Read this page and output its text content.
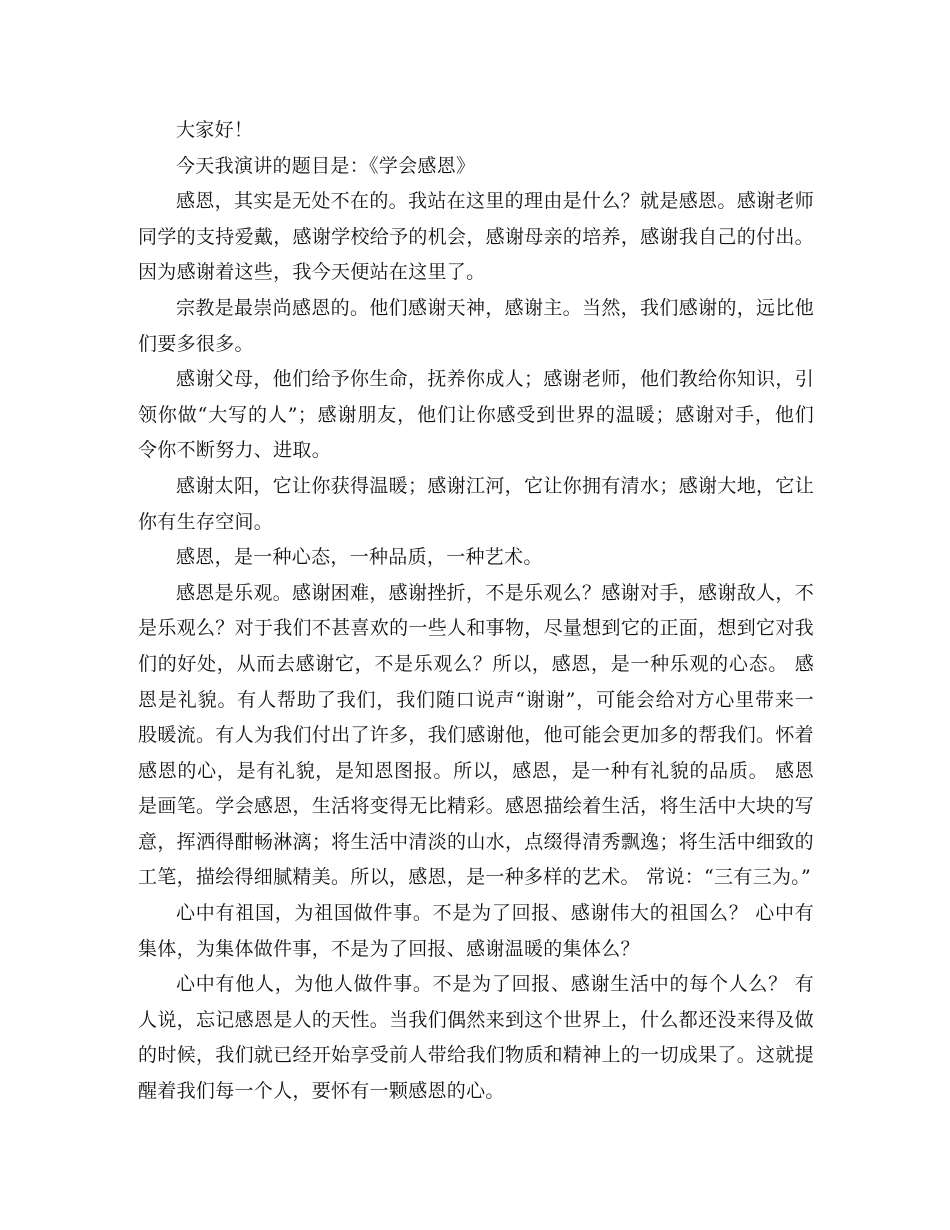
大家好！

今天我演讲的题目是：《学会感恩》

感恩，其实是无处不在的。我站在这里的理由是什么？就是感恩。感谢老师同学的支持爱戴，感谢学校给予的机会，感谢母亲的培养，感谢我自己的付出。因为感谢着这些，我今天便站在这里了。

宗教是最崇尚感恩的。他们感谢天神，感谢主。当然，我们感谢的，远比他们要多很多。

感谢父母，他们给予你生命，抚养你成人；感谢老师，他们教给你知识，引领你做“大写的人”；感谢朋友，他们让你感受到世界的温暖；感谢对手，他们令你不断努力、进取。

感谢太阳，它让你获得温暖；感谢江河，它让你拥有清水；感谢大地，它让你有生存空间。

感恩，是一种心态，一种品质，一种艺术。

感恩是乐观。感谢困难，感谢挫折，不是乐观么？感谢对手，感谢敌人，不是乐观么？对于我们不甚喜欢的一些人和事物，尽量想到它的正面，想到它对我们的好处，从而去感谢它，不是乐观么？所以，感恩，是一种乐观的心态。 感恩是礼貌。有人帮助了我们，我们随口说声“谢谢”，可能会给对方心里带来一股暖流。有人为我们付出了许多，我们感谢他，他可能会更加多的帮我们。怀着感恩的心，是有礼貌，是知恩图报。所以，感恩，是一种有礼貌的品质。 感恩是画笔。学会感恩，生活将变得无比精彩。感恩描绘着生活，将生活中大块的写意，挥洒得酣畅淋漓；将生活中清淡的山水，点缀得清秀飘逸；将生活中细致的工笔，描绘得细腻精美。所以，感恩，是一种多样的艺术。 常说：“三有三为。”

心中有祖国，为祖国做件事。不是为了回报、感谢伟大的祖国么？ 心中有集体，为集体做件事，不是为了回报、感谢温暖的集体么？

心中有他人，为他人做件事。不是为了回报、感谢生活中的每个人么？ 有人说，忘记感恩是人的天性。当我们偶然来到这个世界上，什么都还没来得及做的时候，我们就已经开始享受前人带给我们物质和精神上的一切成果了。这就提醒着我们每一个人，要怀有一颗感恩的心。
